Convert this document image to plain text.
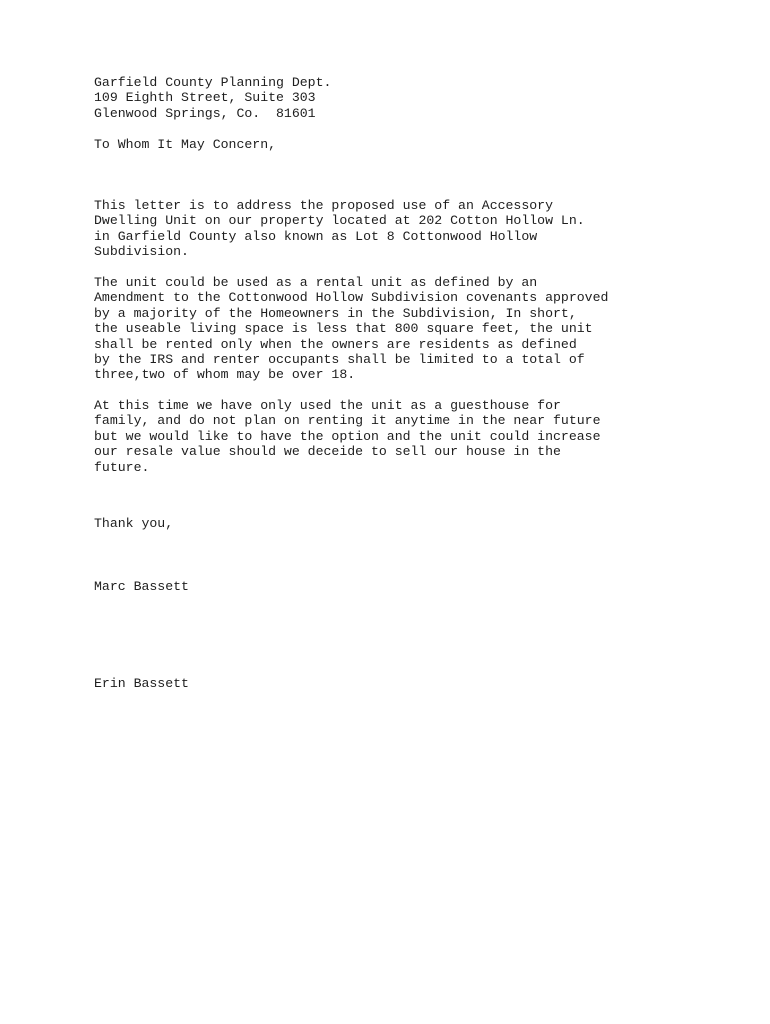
Garfield County Planning Dept.
109 Eighth Street, Suite 303
Glenwood Springs, Co.  81601
To Whom It May Concern,
This letter is to address the proposed use of an Accessory
Dwelling Unit on our property located at 202 Cotton Hollow Ln.
in Garfield County also known as Lot 8 Cottonwood Hollow
Subdivision.
The unit could be used as a rental unit as defined by an
Amendment to the Cottonwood Hollow Subdivision covenants approved
by a majority of the Homeowners in the Subdivision, In short,
the useable living space is less that 800 square feet, the unit
shall be rented only when the owners are residents as defined
by the IRS and renter occupants shall be limited to a total of
three,two of whom may be over 18.
At this time we have only used the unit as a guesthouse for
family, and do not plan on renting it anytime in the near future
but we would like to have the option and the unit could increase
our resale value should we deceide to sell our house in the
future.
Thank you,
Marc Bassett
Erin Bassett
